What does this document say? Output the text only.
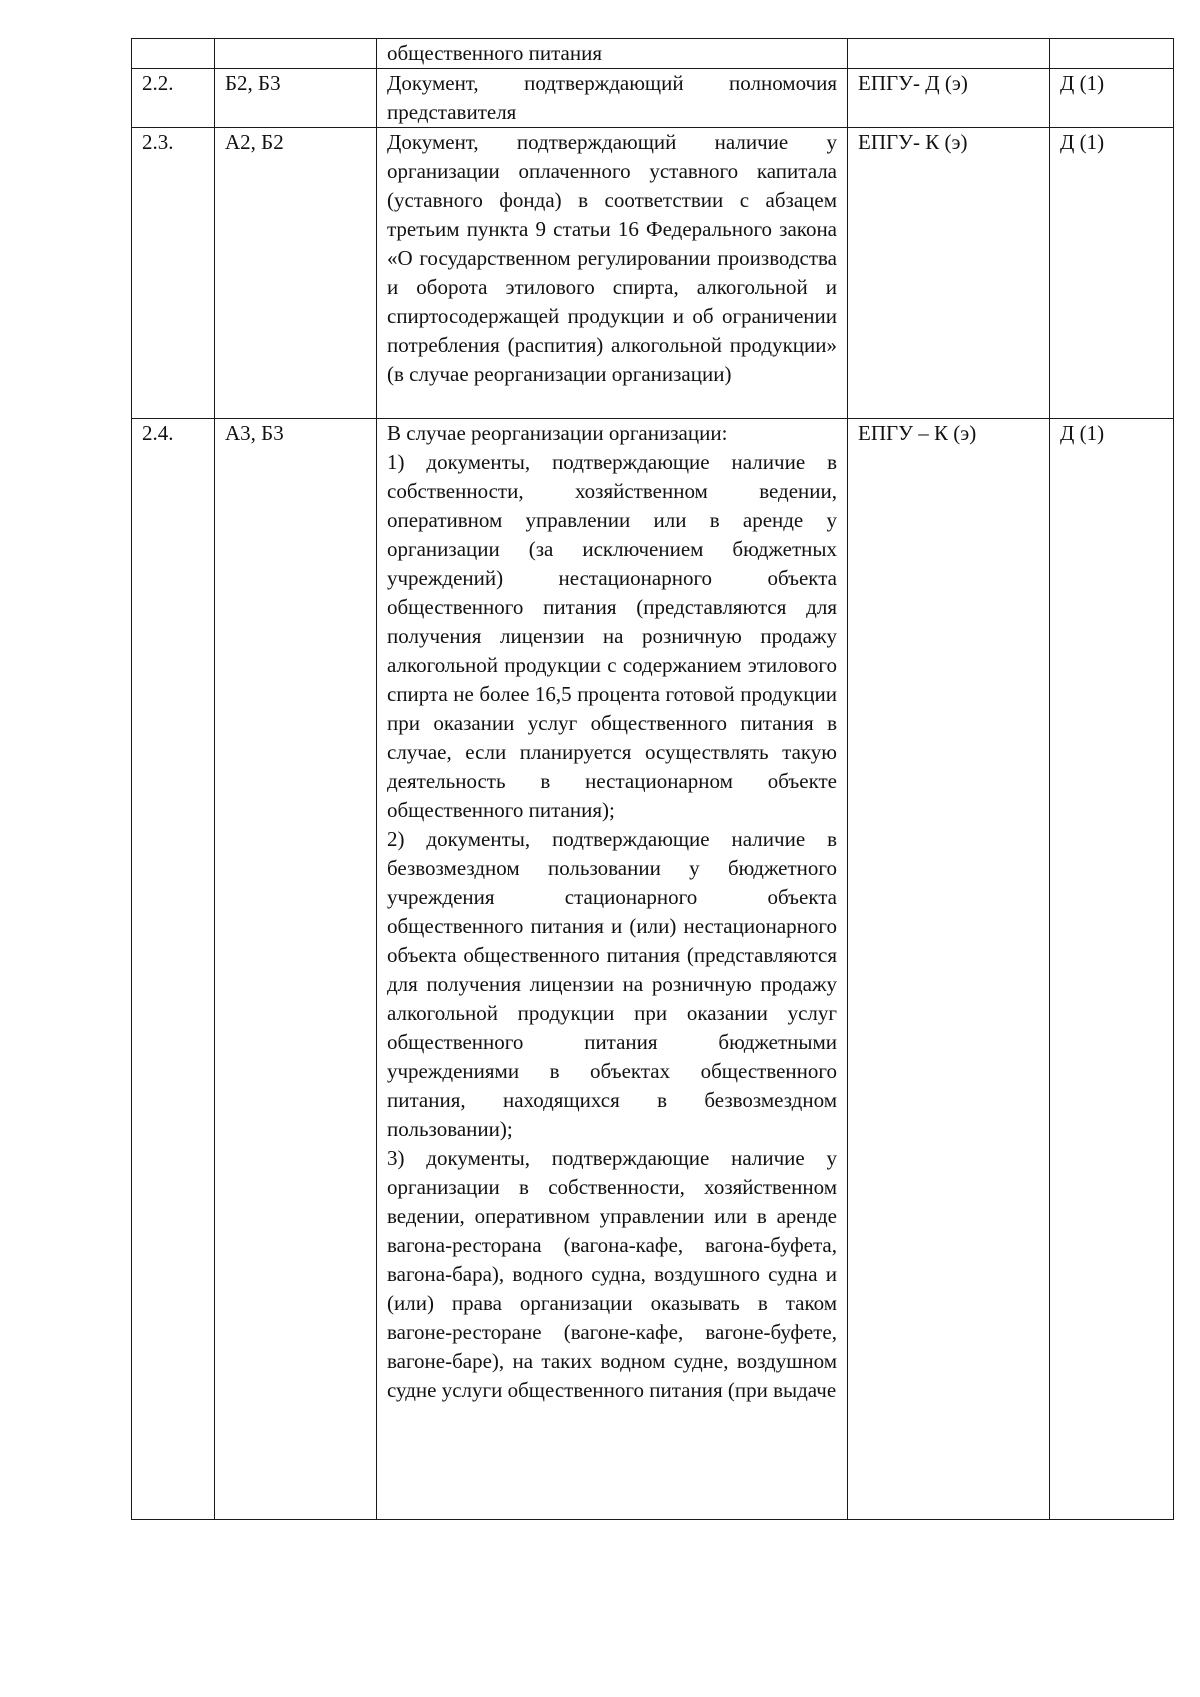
		общественного питания		

2.2.	Б2, Б3	Документ, подтверждающий полномочия представителя	ЕПГУ- Д (э)	Д (1)
2.3.	А2, Б2	Документ, подтверждающий наличие у организации оплаченного уставного капитала (уставного фонда) в соответствии с абзацем третьим пункта 9 статьи 16 Федерального закона «О государственном регулировании производства и оборота этилового спирта, алкогольной и спиртосодержащей продукции и об ограничении потребления (распития) алкогольной продукции» (в случае реорганизации организации)	ЕПГУ- К (э)	Д (1)
2.4.	А3, Б3	В случае реорганизации организации:
1) документы, подтверждающие наличие в собственности, хозяйственном ведении, оперативном управлении или в аренде у организации (за исключением бюджетных учреждений) нестационарного объекта общественного питания (представляются для получения лицензии на розничную продажу алкогольной продукции с содержанием этилового спирта не более 16,5 процента готовой продукции при оказании услуг общественного питания в случае, если планируется осуществлять такую деятельность в нестационарном объекте общественного питания);
2) документы, подтверждающие наличие в безвозмездном пользовании у бюджетного учреждения стационарного объекта общественного питания и (или) нестационарного объекта общественного питания (представляются для получения лицензии на розничную продажу алкогольной продукции при оказании услуг общественного питания бюджетными учреждениями в объектах общественного питания, находящихся в безвозмездном пользовании);
3) документы, подтверждающие наличие у организации в собственности, хозяйственном ведении, оперативном управлении или в аренде вагона-ресторана (вагона-кафе, вагона-буфета, вагона-бара), водного судна, воздушного судна и (или) права организации оказывать в таком вагоне-ресторане (вагоне-кафе, вагоне-буфете, вагоне-баре), на таких водном судне, воздушном судне услуги общественного питания (при выдаче	ЕПГУ – К (э)	Д (1)
